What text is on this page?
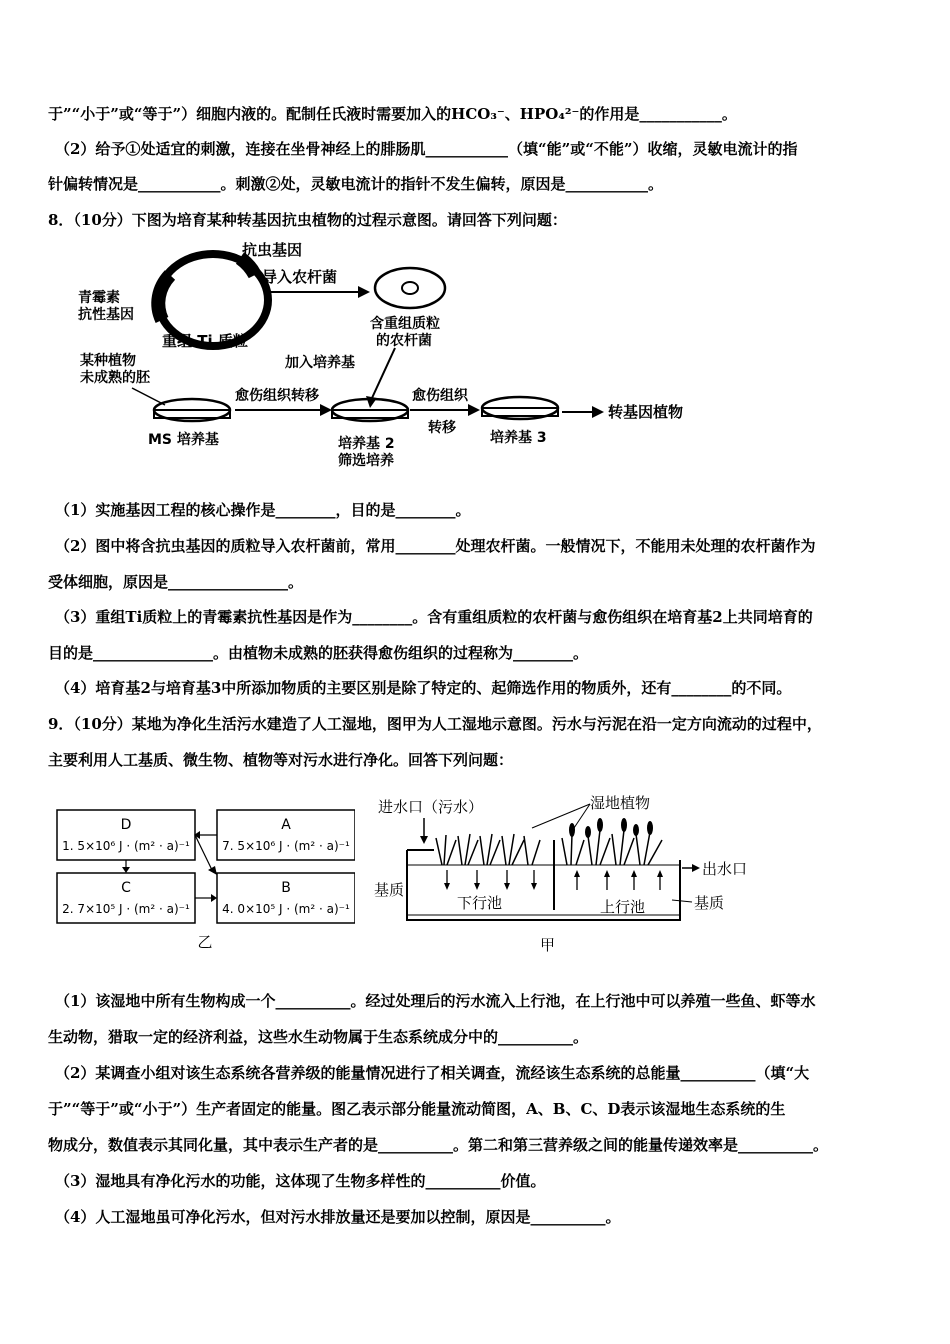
于”“小于”或“等于”）细胞内液的。配制任氏液时需要加入的HCO₃⁻、HPO₄²⁻的作用是___________。
（2）给予①处适宜的刺激，连接在坐骨神经上的腓肠肌___________（填“能”或“不能”）收缩，灵敏电流计的指
针偏转情况是___________。刺激②处，灵敏电流计的指针不发生偏转，原因是___________。
8．（10分）下图为培育某种转基因抗虫植物的过程示意图。请回答下列问题：
抗虫基因
青霉素抗性基因
重组 Ti 质粒
导入农杆菌
含重组质粒的农杆菌
加入培养基
某种植物未成熟的胚
MS 培养基
愈伤组织转移
培养基 2 筛选培养
愈伤组织
转移
培养基 3
转基因植物
（1）实施基因工程的核心操作是________，目的是________。
（2）图中将含抗虫基因的质粒导入农杆菌前，常用________处理农杆菌。一般情况下，不能用未处理的农杆菌作为
受体细胞，原因是________________。
（3）重组Ti质粒上的青霉素抗性基因是作为________。含有重组质粒的农杆菌与愈伤组织在培育基2上共同培育的
目的是________________。由植物未成熟的胚获得愈伤组织的过程称为________。
（4）培育基2与培育基3中所添加物质的主要区别是除了特定的、起筛选作用的物质外，还有________的不同。
9．（10分）某地为净化生活污水建造了人工湿地，图甲为人工湿地示意图。污水与污泥在沿一定方向流动的过程中，
主要利用人工基质、微生物、植物等对污水进行净化。回答下列问题：
D
1. 5×10⁶ J · (m² · a)⁻¹
A
7. 5×10⁶ J · (m² · a)⁻¹
C
2. 7×10⁵ J · (m² · a)⁻¹
B
4. 0×10⁵ J · (m² · a)⁻¹
乙
进水口（污水）	湿地植物
下行池	上行池
基质
基质
出水口
甲
（1）该湿地中所有生物构成一个__________。经过处理后的污水流入上行池，在上行池中可以养殖一些鱼、虾等水
生动物，猎取一定的经济利益，这些水生动物属于生态系统成分中的__________。
（2）某调查小组对该生态系统各营养级的能量情况进行了相关调查，流经该生态系统的总能量__________（填“大
于”“等于”或“小于”）生产者固定的能量。图乙表示部分能量流动简图，A、B、C、D表示该湿地生态系统的生
物成分，数值表示其同化量，其中表示生产者的是__________。第二和第三营养级之间的能量传递效率是__________。
（3）湿地具有净化污水的功能，这体现了生物多样性的__________价值。
（4）人工湿地虽可净化污水，但对污水排放量还是要加以控制，原因是__________。
